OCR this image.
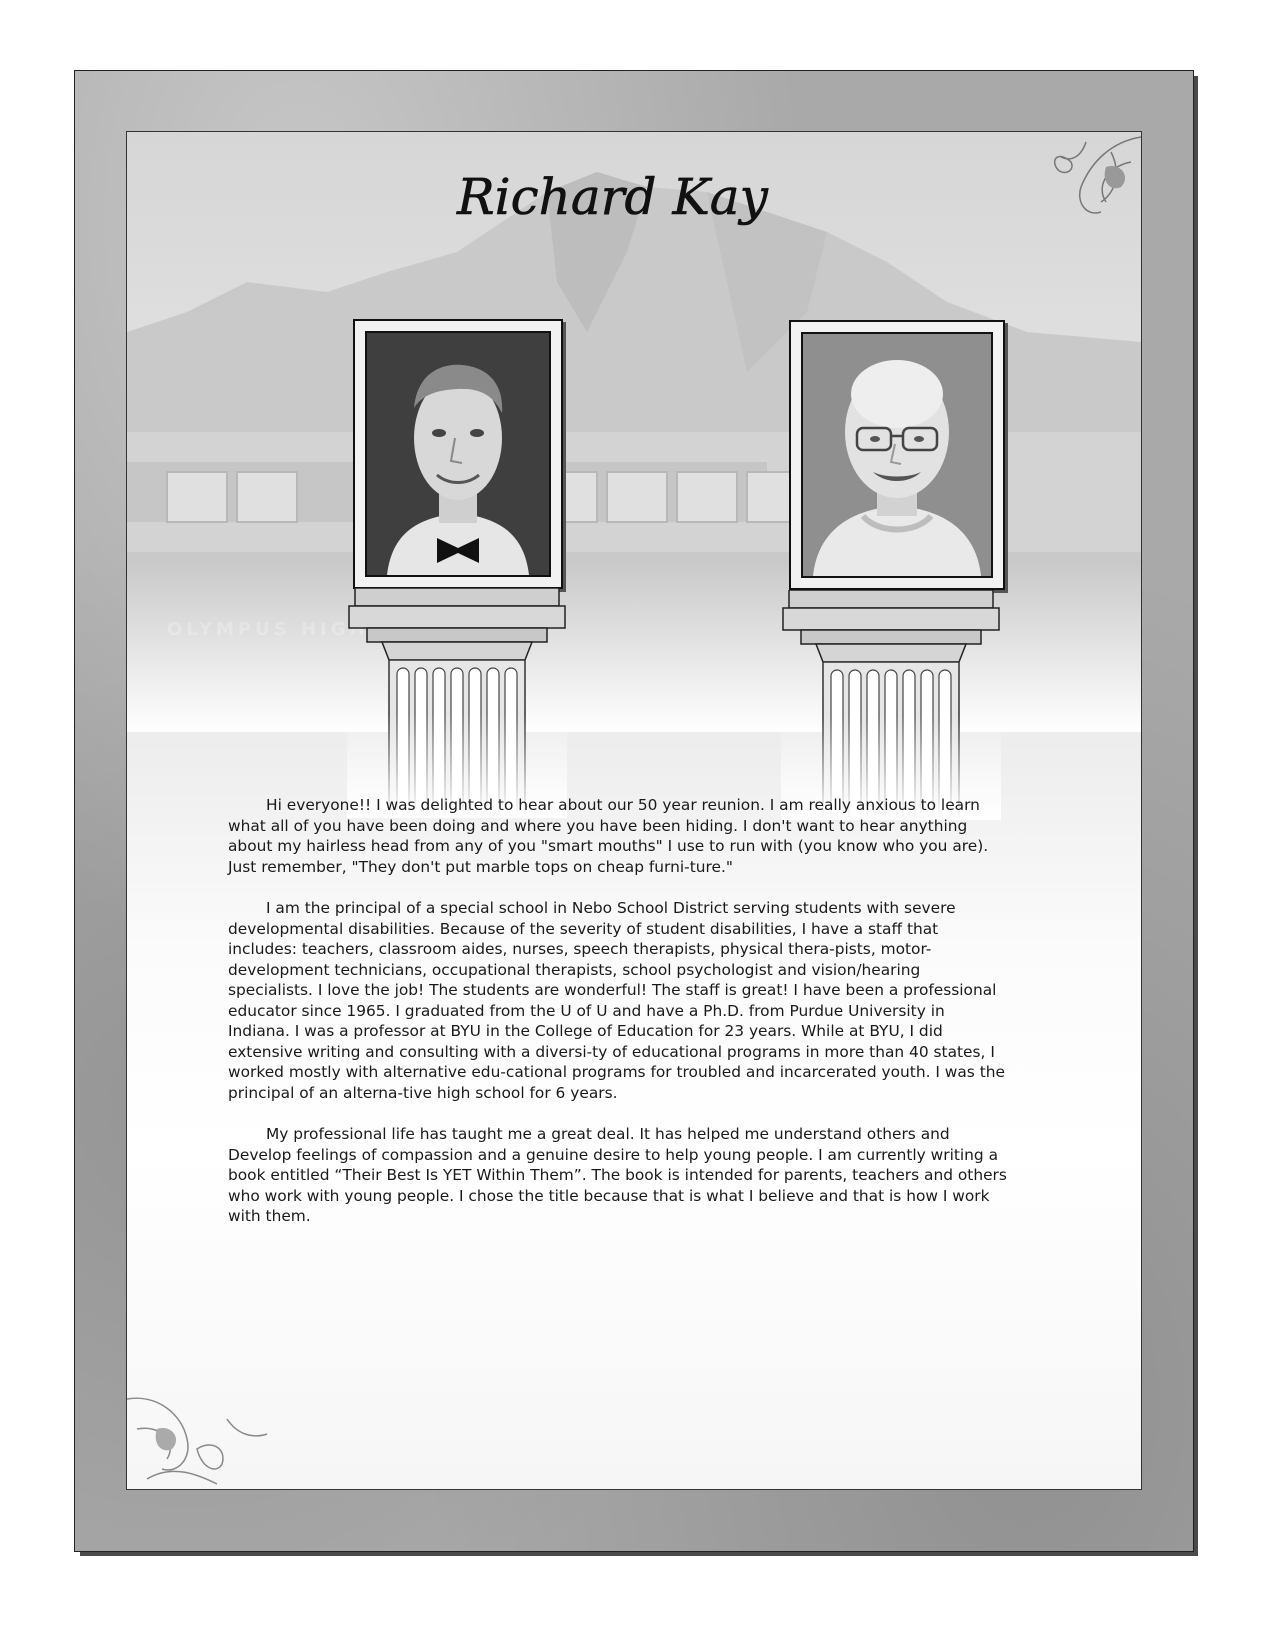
Richard Kay

Hi everyone!! I was delighted to hear about our 50 year reunion. I am really anxious to learn what all of you have been doing and where you have been hiding. I don't want to hear anything about my hairless head from any of you "smart mouths" I use to run with (you know who you are). Just remember, "They don't put marble tops on cheap furni-ture."

I am the principal of a special school in Nebo School District serving students with severe developmental disabilities. Because of the severity of student disabilities, I have a staff that includes: teachers, classroom aides, nurses, speech therapists, physical thera-pists, motor-development technicians, occupational therapists, school psychologist and vision/hearing specialists. I love the job! The students are wonderful! The staff is great! I have been a professional educator since 1965. I graduated from the U of U and have a Ph.D. from Purdue University in Indiana. I was a professor at BYU in the College of Education for 23 years. While at BYU, I did extensive writing and consulting with a diversi-ty of educational programs in more than 40 states, I worked mostly with alternative edu-cational programs for troubled and incarcerated youth. I was the principal of an alterna-tive high school for 6 years.

My professional life has taught me a great deal. It has helped me understand others and Develop feelings of compassion and a genuine desire to help young people. I am currently writing a book entitled “Their Best Is YET Within Them”. The book is intended for parents, teachers and others who work with young people. I chose the title because that is what I believe and that is how I work with them.
